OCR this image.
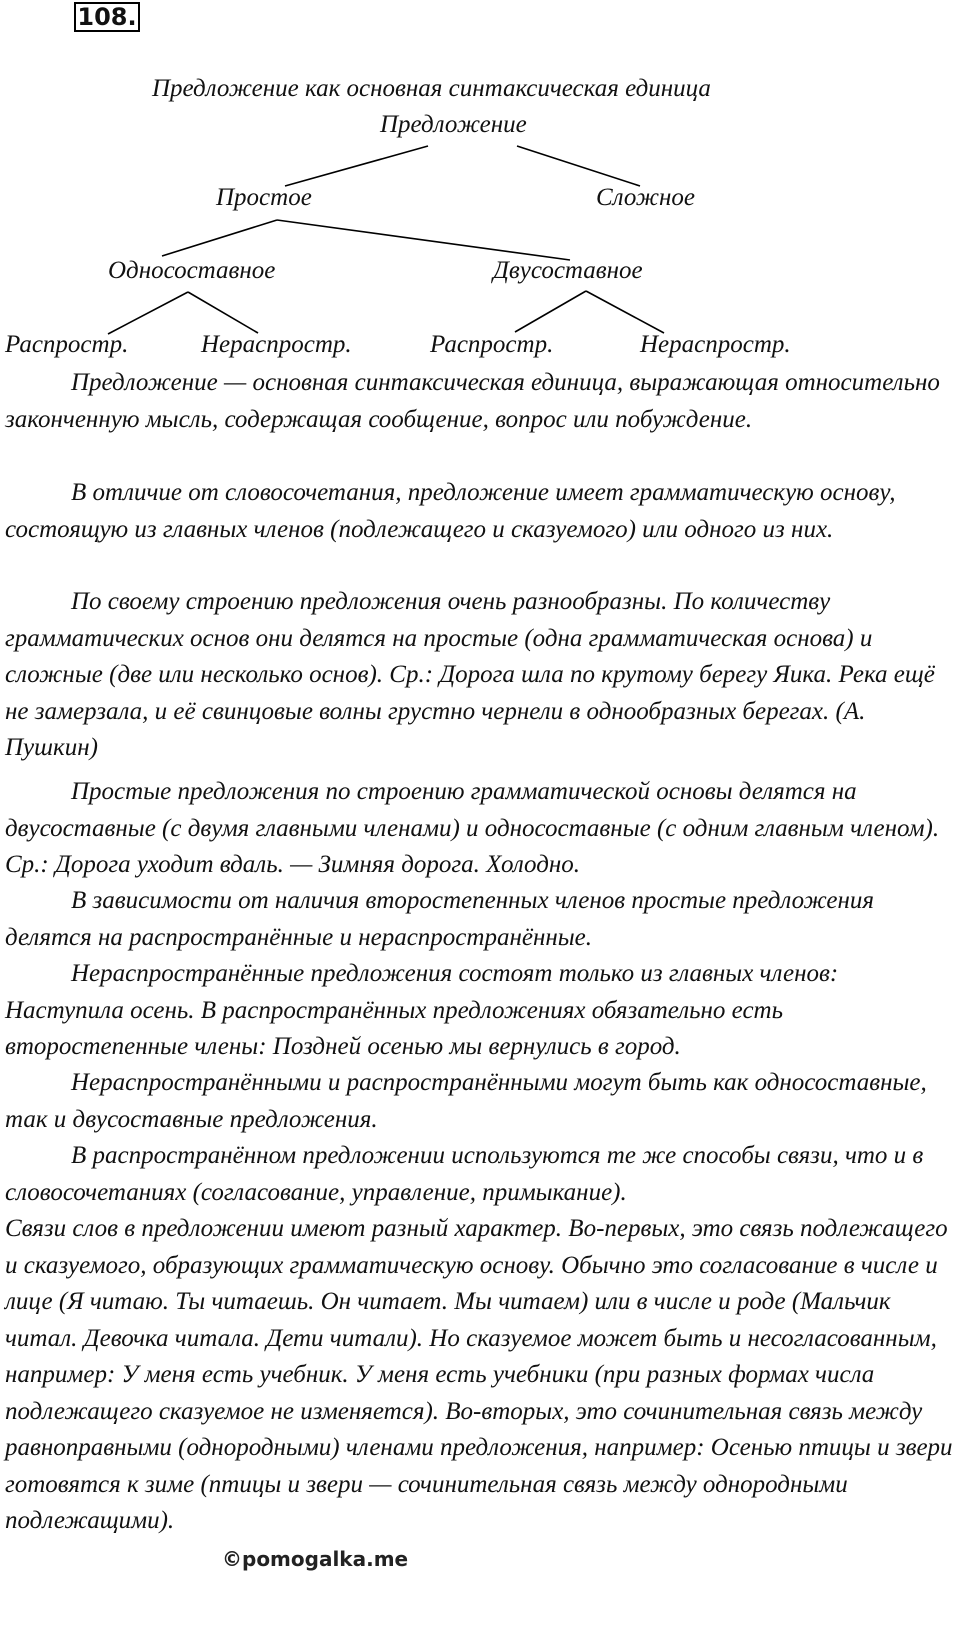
108.
Предложение как основная синтаксическая единица
Предложение
Простое	Сложное
Односоставное	Двусоставное
Распростр.	Нераспростр.	Распростр.	Нераспростр.

Предложение — основная синтаксическая единица, выражающая относительно законченную мысль, содержащая сообщение, вопрос или побуждение.

В отличие от словосочетания, предложение имеет грамматическую основу, состоящую из главных членов (подлежащего и сказуемого) или одного из них.

По своему строению предложения очень разнообразны. По количеству грамматических основ они делятся на простые (одна грамматическая основа) и сложные (две или несколько основ). Ср.: Дорога шла по крутому берегу Яика. Река ещё не замерзала, и её свинцовые волны грустно чернели в однообразных берегах. (А. Пушкин)

Простые предложения по строению грамматической основы делятся на двусоставные (с двумя главными членами) и односоставные (с одним главным членом). Ср.: Дорога уходит вдаль. — Зимняя дорога. Холодно.

В зависимости от наличия второстепенных членов простые предложения делятся на распространённые и нераспространённые.

Нераспространённые предложения состоят только из главных членов: Наступила осень. В распространённых предложениях обязательно есть второстепенные члены: Поздней осенью мы вернулись в город.

Нераспространёнными и распространёнными могут быть как односоставные, так и двусоставные предложения.

В распространённом предложении используются те же способы связи, что и в словосочетаниях (согласование, управление, примыкание).

Связи слов в предложении имеют разный характер. Во-первых, это связь подлежащего и сказуемого, образующих грамматическую основу. Обычно это согласование в числе и лице (Я читаю. Ты читаешь. Он читает. Мы читаем) или в числе и роде (Мальчик читал. Девочка читала. Дети читали). Но сказуемое может быть и несогласованным, например: У меня есть учебник. У меня есть учебники (при разных формах числа подлежащего сказуемое не изменяется). Во-вторых, это сочинительная связь между равноправными (однородными) членами предложения, например: Осенью птицы и звери готовятся к зиме (птицы и звери — сочинительная связь между однородными подлежащими).

©pomogalka.me
